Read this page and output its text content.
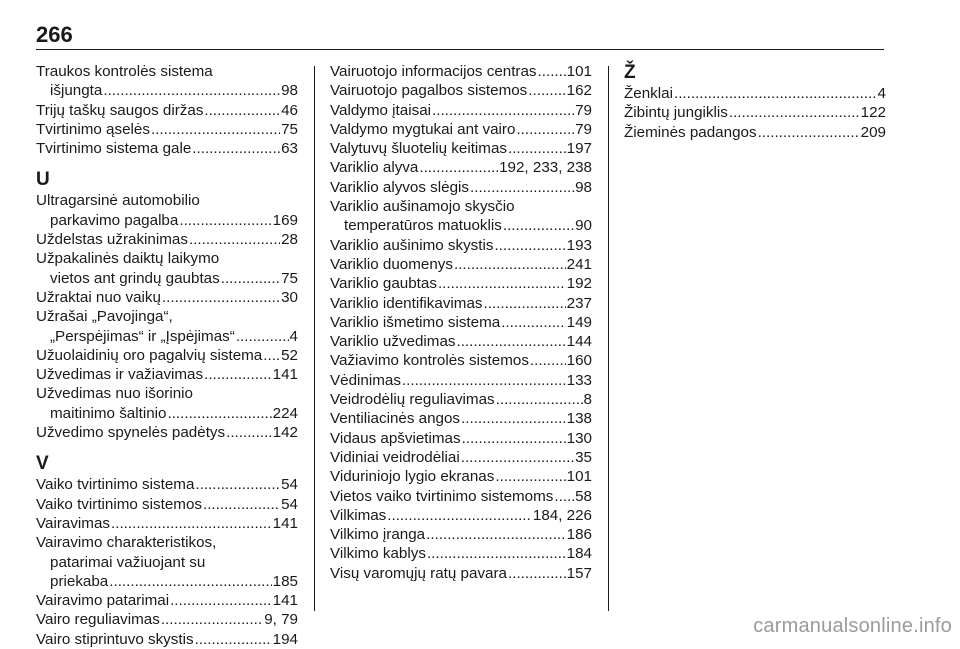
266
Traukos kontrolės sistema
išjungta .....	98
Trijų taškų saugos diržas .....	46
Tvirtinimo ąselės .....	75
Tvirtinimo sistema gale .....	63
U
Ultragarsinė automobilio
parkavimo pagalba .....	169
Uždelstas užrakinimas .....	28
Užpakalinės daiktų laikymo
vietos ant grindų gaubtas .....	75
Užraktai nuo vaikų .....	30
Užrašai „Pavojinga“,
„Perspėjimas“ ir „Įspėjimas“ .....	4
Užuolaidinių oro pagalvių sistema ..... 52
Užvedimas ir važiavimas .....	141
Užvedimas nuo išorinio
maitinimo šaltinio .....	224
Užvedimo spynelės padėtys .....	142
V
Vaiko tvirtinimo sistema .....	54
Vaiko tvirtinimo sistemos .....	54
Vairavimas .....	141
Vairavimo charakteristikos,
patarimai važiuojant su
priekaba .....	185
Vairavimo patarimai .....	141
Vairo reguliavimas .....	9, 79
Vairo stiprintuvo skystis .....	194
Vairuotojo informacijos centras ..... 101
Vairuotojo pagalbos sistemos .....	162
Valdymo įtaisai .....	79
Valdymo mygtukai ant vairo .....	79
Valytuvų šluotelių keitimas .....	197
Variklio alyva .....	192, 233, 238
Variklio alyvos slėgis .....	98
Variklio aušinamojo skysčio
temperatūros matuoklis .....	90
Variklio aušinimo skystis .....	193
Variklio duomenys .....	241
Variklio gaubtas .....	192
Variklio identifikavimas .....	237
Variklio išmetimo sistema .....	149
Variklio užvedimas .....	144
Važiavimo kontrolės sistemos ..... 160
Vėdinimas .....	133
Veidrodėlių reguliavimas .....	8
Ventiliacinės angos .....	138
Vidaus apšvietimas .....	130
Vidiniai veidrodėliai .....	35
Viduriniojo lygio ekranas .....	101
Vietos vaiko tvirtinimo sistemoms ..... 58
Vilkimas .....	184, 226
Vilkimo įranga .....	186
Vilkimo kablys .....	184
Visų varomųjų ratų pavara .....	157
Ž
Ženklai .....	4
Žibintų jungiklis .....	122
Žieminės padangos .....	209
carmanualsonline.info
